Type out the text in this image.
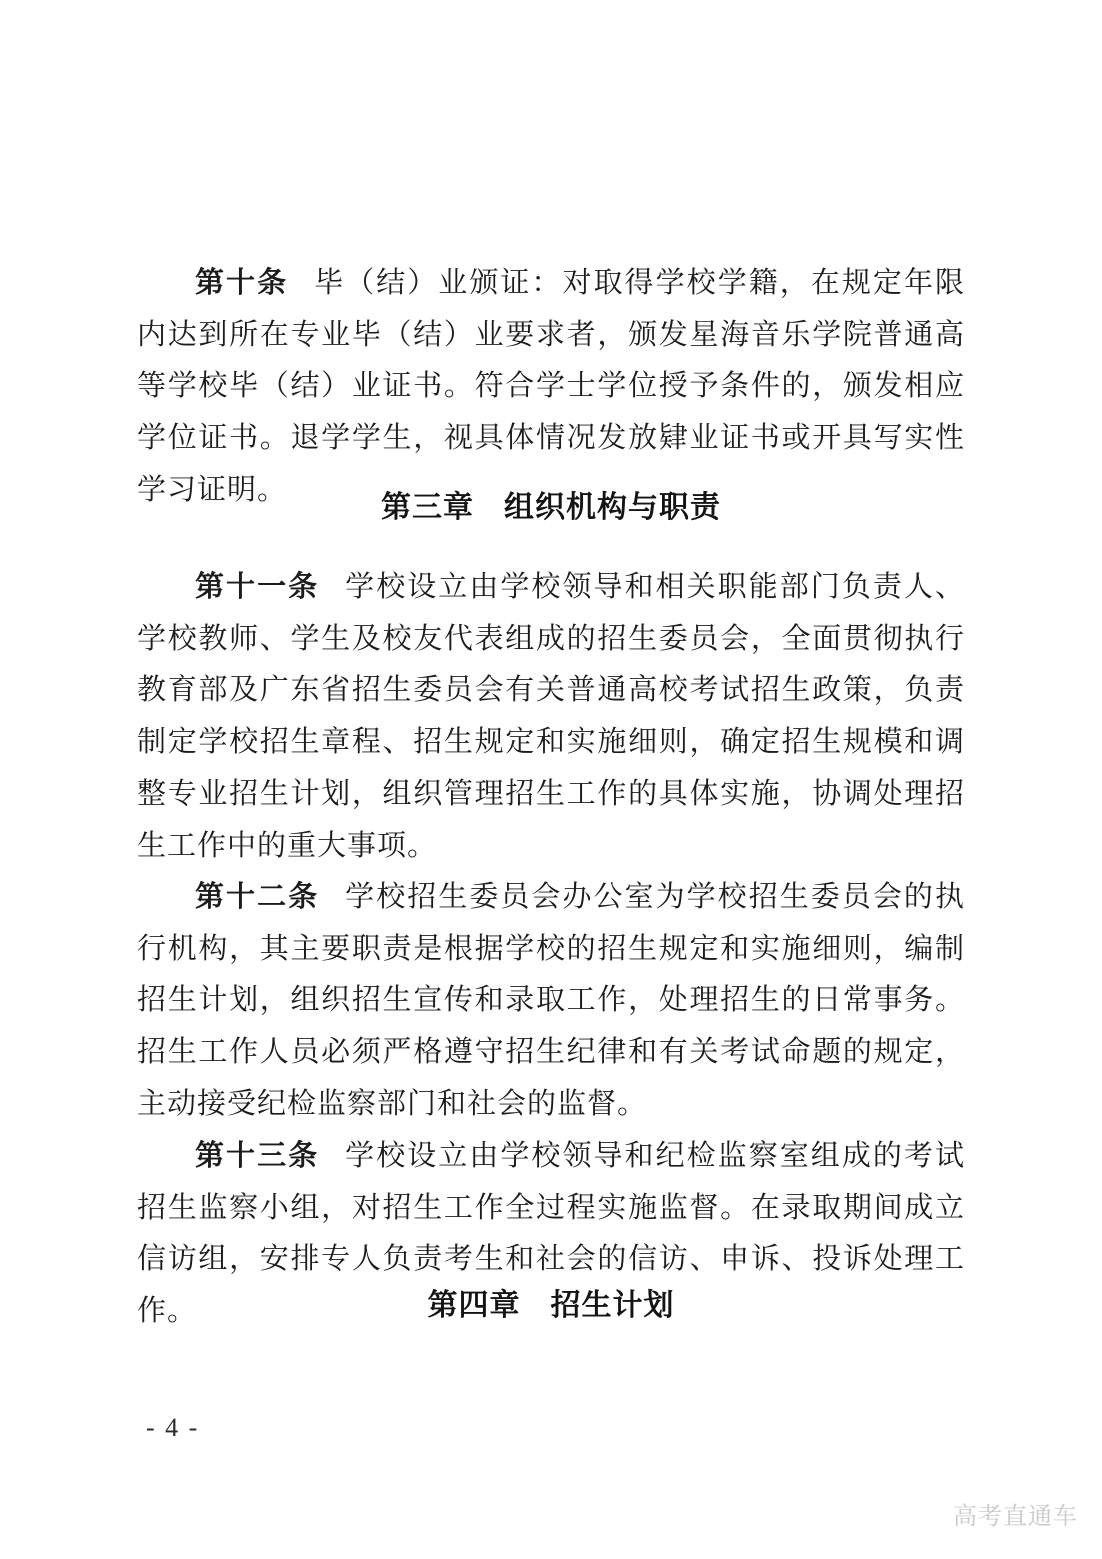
第十条 毕（结）业颁证：对取得学校学籍，在规定年限内达到所在专业毕（结）业要求者，颁发星海音乐学院普通高等学校毕（结）业证书。符合学士学位授予条件的，颁发相应学位证书。退学学生，视具体情况发放肄业证书或开具写实性学习证明。

第三章 组织机构与职责

第十一条 学校设立由学校领导和相关职能部门负责人、学校教师、学生及校友代表组成的招生委员会，全面贯彻执行教育部及广东省招生委员会有关普通高校考试招生政策，负责制定学校招生章程、招生规定和实施细则，确定招生规模和调整专业招生计划，组织管理招生工作的具体实施，协调处理招生工作中的重大事项。

第十二条 学校招生委员会办公室为学校招生委员会的执行机构，其主要职责是根据学校的招生规定和实施细则，编制招生计划，组织招生宣传和录取工作，处理招生的日常事务。招生工作人员必须严格遵守招生纪律和有关考试命题的规定，主动接受纪检监察部门和社会的监督。

第十三条 学校设立由学校领导和纪检监察室组成的考试招生监察小组，对招生工作全过程实施监督。在录取期间成立信访组，安排专人负责考生和社会的信访、申诉、投诉处理工作。	第四章 招生计划
- 4 -
高考直通车
